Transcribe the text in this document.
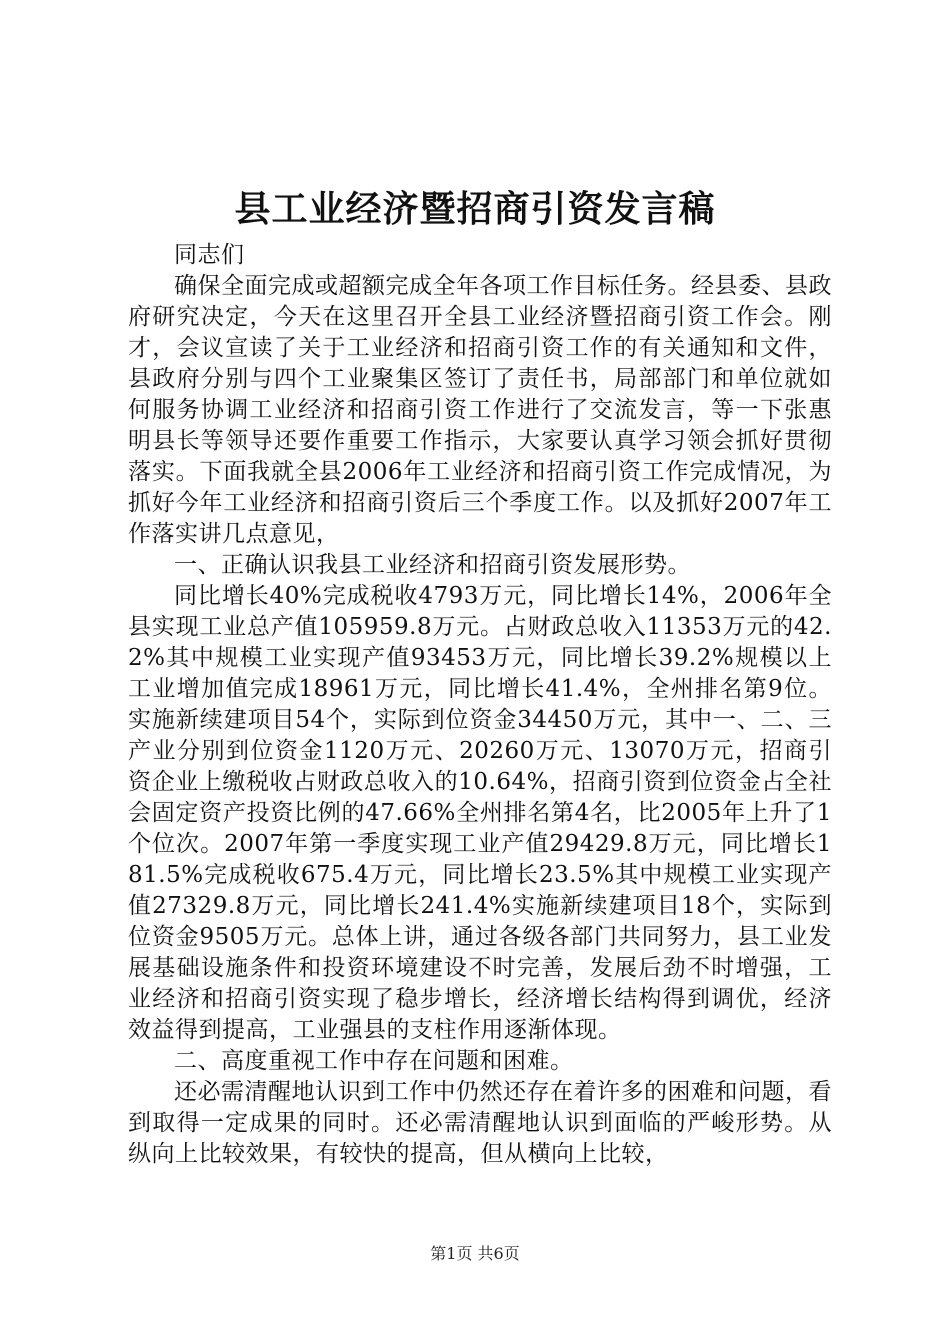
县工业经济暨招商引资发言稿

同志们

确保全面完成或超额完成全年各项工作目标任务。经县委、县政府研究决定，今天在这里召开全县工业经济暨招商引资工作会。刚才，会议宣读了关于工业经济和招商引资工作的有关通知和文件，县政府分别与四个工业聚集区签订了责任书，局部部门和单位就如何服务协调工业经济和招商引资工作进行了交流发言，等一下张惠明县长等领导还要作重要工作指示，大家要认真学习领会抓好贯彻落实。下面我就全县2006年工业经济和招商引资工作完成情况，为抓好今年工业经济和招商引资后三个季度工作。以及抓好2007年工作落实讲几点意见，

一、正确认识我县工业经济和招商引资发展形势。

同比增长40%完成税收4793万元，同比增长14%，2006年全县实现工业总产值105959.8万元。占财政总收入11353万元的42.2%其中规模工业实现产值93453万元，同比增长39.2%规模以上工业增加值完成18961万元，同比增长41.4%，全州排名第9位。实施新续建项目54个，实际到位资金34450万元，其中一、二、三产业分别到位资金1120万元、20260万元、13070万元，招商引资企业上缴税收占财政总收入的10.64%，招商引资到位资金占全社会固定资产投资比例的47.66%全州排名第4名，比2005年上升了1个位次。2007年第一季度实现工业产值29429.8万元，同比增长181.5%完成税收675.4万元，同比增长23.5%其中规模工业实现产值27329.8万元，同比增长241.4%实施新续建项目18个，实际到位资金9505万元。总体上讲，通过各级各部门共同努力，县工业发展基础设施条件和投资环境建设不时完善，发展后劲不时增强，工业经济和招商引资实现了稳步增长，经济增长结构得到调优，经济效益得到提高，工业强县的支柱作用逐渐体现。

二、高度重视工作中存在问题和困难。

还必需清醒地认识到工作中仍然还存在着许多的困难和问题，看到取得一定成果的同时。还必需清醒地认识到面临的严峻形势。从纵向上比较效果，有较快的提高，但从横向上比较，

第1页 共6页
